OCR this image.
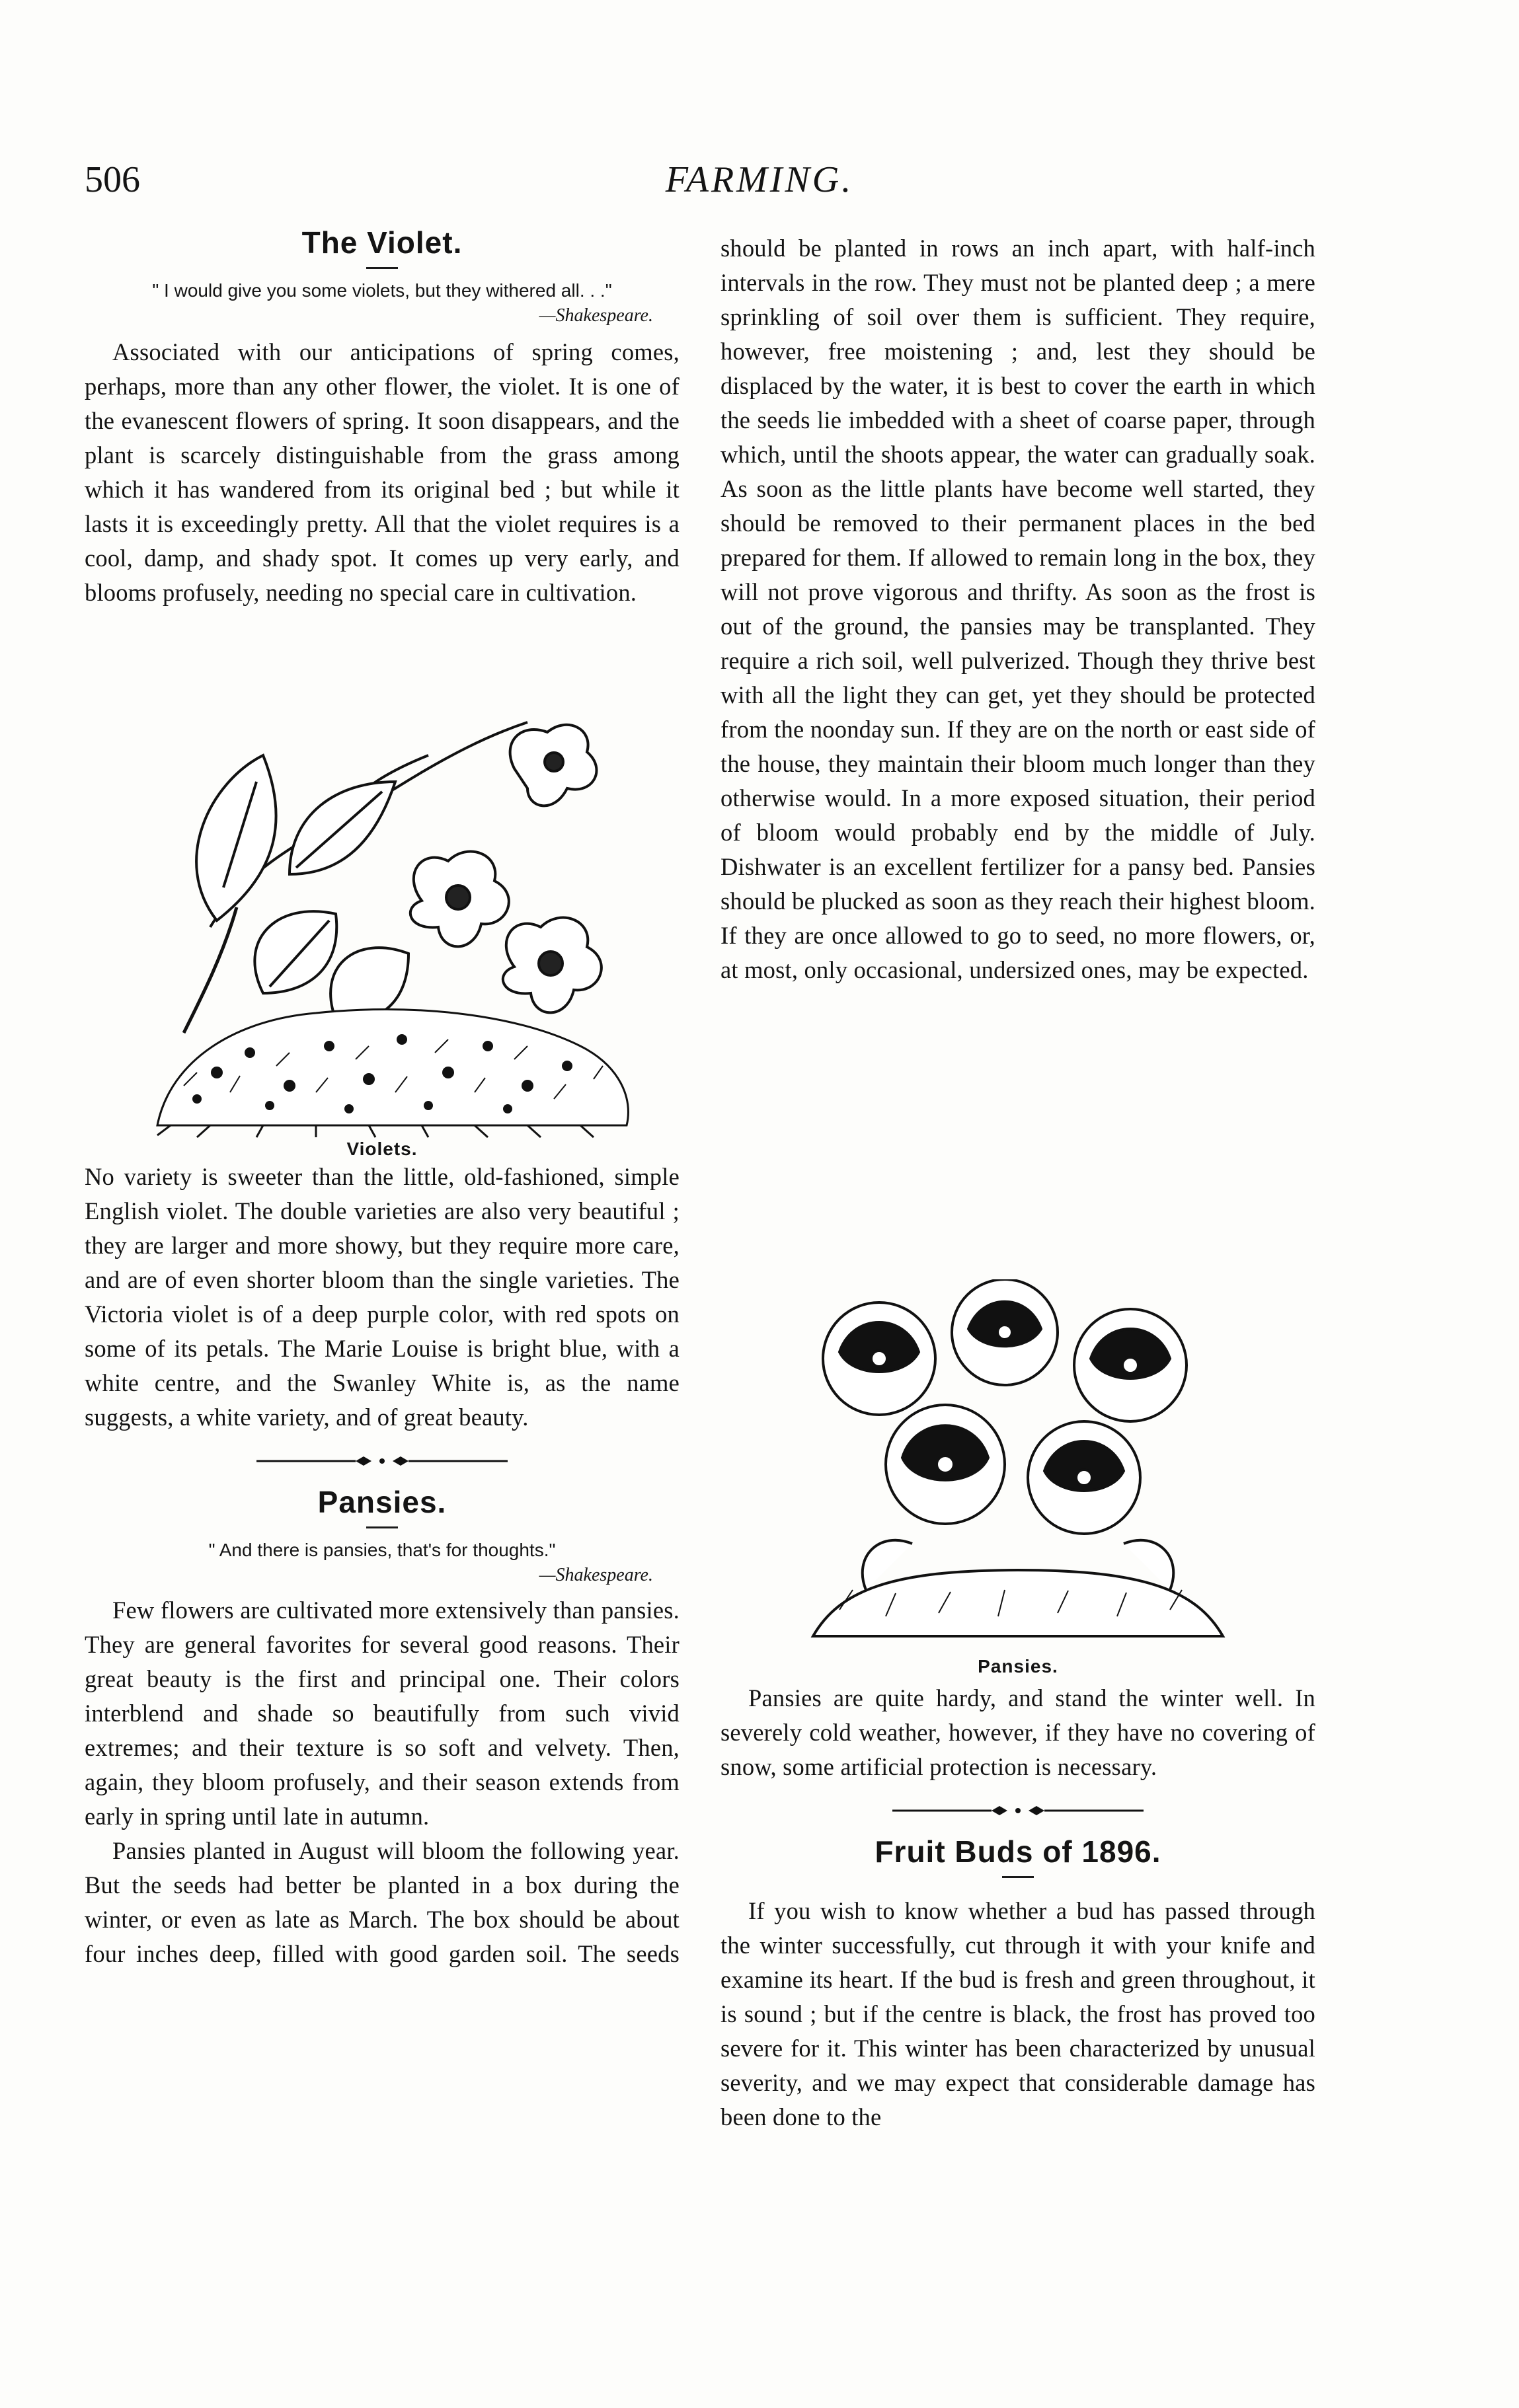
506	FARMING.
The Violet.
" I would give you some violets, but they withered all. . ."
—Shakespeare.

Associated with our anticipations of spring comes, perhaps, more than any other flower, the violet. It is one of the evanescent flowers of spring. It soon disappears, and the plant is scarcely distinguishable from the grass among which it has wandered from its original bed ; but while it lasts it is exceedingly pretty. All that the violet requires is a cool, damp, and shady spot. It comes up very early, and blooms profusely, needing no special care in cultivation.

Violets.

No variety is sweeter than the little, old-fashioned, simple English violet. The double varieties are also very beautiful ; they are larger and more showy, but they require more care, and are of even shorter bloom than the single varieties. The Victoria violet is of a deep purple color, with red spots on some of its petals. The Marie Louise is bright blue, with a white centre, and the Swanley White is, as the name suggests, a white variety, and of great beauty.

Pansies.
" And there is pansies, that's for thoughts."
—Shakespeare.

Few flowers are cultivated more extensively than pansies. They are general favorites for several good reasons. Their great beauty is the first and principal one. Their colors interblend and shade so beautifully from such vivid extremes; and their texture is so soft and velvety. Then, again, they bloom profusely, and their season extends from early in spring until late in autumn.

Pansies planted in August will bloom the following year. But the seeds had better be planted in a box during the winter, or even as late as March. The box should be about four inches deep, filled with good garden soil. The seeds

should be planted in rows an inch apart, with half-inch intervals in the row. They must not be planted deep ; a mere sprinkling of soil over them is sufficient. They require, however, free moistening ; and, lest they should be displaced by the water, it is best to cover the earth in which the seeds lie imbedded with a sheet of coarse paper, through which, until the shoots appear, the water can gradually soak. As soon as the little plants have become well started, they should be removed to their permanent places in the bed prepared for them. If allowed to remain long in the box, they will not prove vigorous and thrifty. As soon as the frost is out of the ground, the pansies may be transplanted. They require a rich soil, well pulverized. Though they thrive best with all the light they can get, yet they should be protected from the noonday sun. If they are on the north or east side of the house, they maintain their bloom much longer than they otherwise would. In a more exposed situation, their period of bloom would probably end by the middle of July. Dishwater is an excellent fertilizer for a pansy bed. Pansies should be plucked as soon as they reach their highest bloom. If they are once allowed to go to seed, no more flowers, or, at most, only occasional, undersized ones, may be expected.

Pansies.

Pansies are quite hardy, and stand the winter well. In severely cold weather, however, if they have no covering of snow, some artificial protection is necessary.

Fruit Buds of 1896.

If you wish to know whether a bud has passed through the winter successfully, cut through it with your knife and examine its heart. If the bud is fresh and green throughout, it is sound ; but if the centre is black, the frost has proved too severe for it. This winter has been characterized by unusual severity, and we may expect that considerable damage has been done to the
